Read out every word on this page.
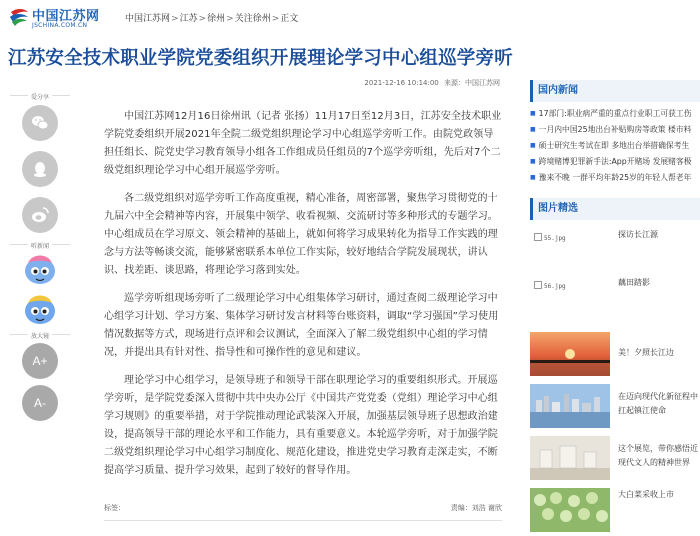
中国江苏网
JSCHINA.COM.CN
中国江苏网>江苏>徐州>关注徐州>正文
江苏安全技术职业学院党委组织开展理论学习中心组巡学旁听
2021-12-16 10:14:00 来源：中国江苏网
爱分享
听新闻
放大镜
A+
A-

中国江苏网12月16日徐州讯（记者 张扬）11月17日至12月3日，江苏安全技术职业学院党委组织开展2021年全院二级党组织理论学习中心组巡学旁听工作。由院党政领导担任组长、院党史学习教育领导小组各工作组成员任组员的7个巡学旁听组，先后对7个二级党组织理论学习中心组开展巡学旁听。

各二级党组织对巡学旁听工作高度重视，精心准备，周密部署，聚焦学习贯彻党的十九届六中全会精神等内容，开展集中领学、收看视频、交流研讨等多种形式的专题学习。中心组成员在学习原文、领会精神的基础上，就如何将学习成果转化为指导工作实践的理念与方法等畅谈交流，能够紧密联系本单位工作实际，较好地结合学院发展现状，讲认识、找差距、谈思路，将理论学习落到实处。

巡学旁听组现场旁听了二级理论学习中心组集体学习研讨，通过查阅二级理论学习中心组学习计划、学习方案、集体学习研讨发言材料等台账资料，调取“学习强国”学习使用情况数据等方式，现场进行点评和会议测试，全面深入了解二级党组织中心组的学习情况，并提出具有针对性、指导性和可操作性的意见和建议。

理论学习中心组学习，是领导班子和领导干部在职理论学习的重要组织形式。开展巡学旁听，是学院党委深入贯彻中共中央办公厅《中国共产党党委（党组）理论学习中心组学习规则》的重要举措，对于学院推动理论武装深入开展，加强基层领导班子思想政治建设，提高领导干部的理论水平和工作能力，具有重要意义。本轮巡学旁听，对于加强学院二级党组织理论学习中心组学习制度化、规范化建设，推进党史学习教育走深走实，不断提高学习质量、提升学习效果，起到了较好的督导作用。

标签：	责编：刘浩 谢欣
国内新闻
■ 17部门:职业病严重的重点行业职工可获工伤
■ 一月内中国25地出台补贴购房等政策 楼市料
■ 硕士研究生考试在即 多地出台举措确保考生
■ 跨境赌博犯罪新手法:App开赌场 发展赌客极
■ 豫来不晚 一群平均年龄25岁的年轻人帮老年
图片精选
55.jpg	探访长江源
56.jpg	藕田踏影
美！夕照长江边
在迈向现代化新征程中扛起镇江使命
这个展览，带你感悟近现代文人的精神世界
大白菜采收上市
